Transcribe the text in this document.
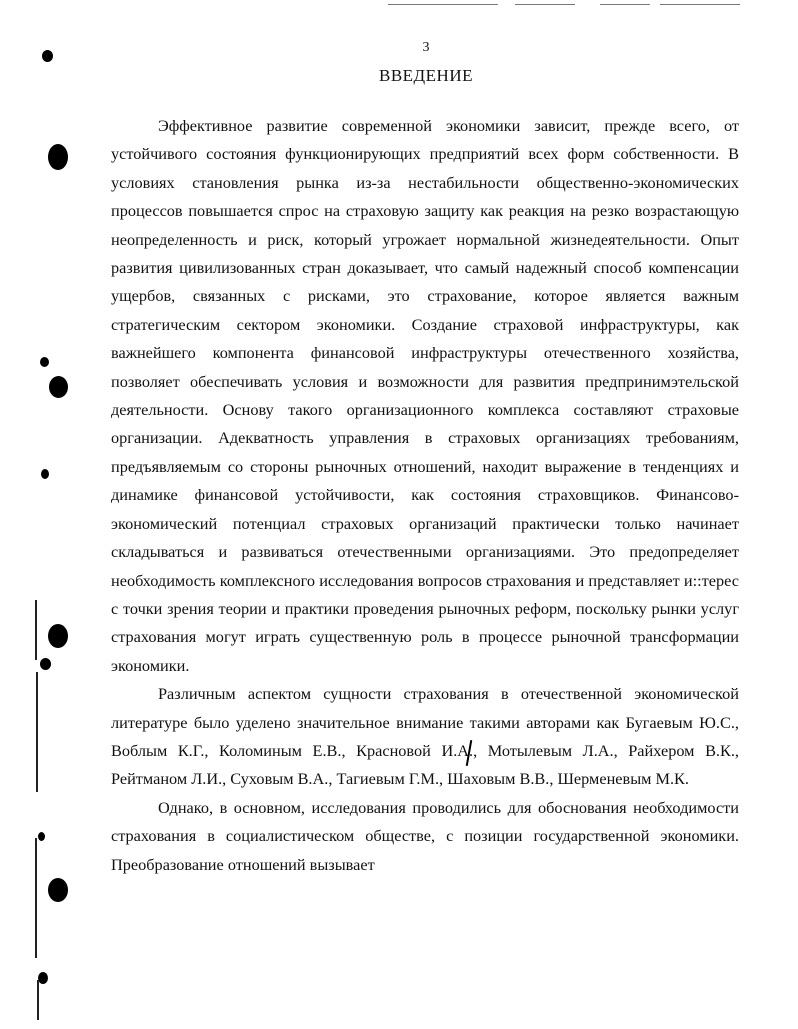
3
ВВЕДЕНИЕ

Эффективное развитие современной экономики зависит, прежде всего, от устойчивого состояния функционирующих предприятий всех форм собственности. В условиях становления рынка из-за нестабильности общественно-экономических процессов повышается спрос на страховую защиту как реакция на резко возрастающую неопределенность и риск, который угрожает нормальной жизнедеятельности. Опыт развития цивилизованных стран доказывает, что самый надежный способ компенсации ущербов, связанных с рисками, это страхование, которое является важным стратегическим сектором экономики. Создание страховой инфраструктуры, как важнейшего компонента финансовой инфраструктуры отечественного хозяйства, позволяет обеспечивать условия и возможности для развития предпринимэтельской деятельности. Основу такого организационного комплекса составляют страховые организации. Адекватность управления в страховых организациях требованиям, предъявляемым со стороны рыночных отношений, находит выражение в тенденциях и динамике финансовой устойчивости, как состояния страховщиков. Финансово-экономический потенциал страховых организаций практически только начинает складываться и развиваться отечественными организациями. Это предопределяет необходимость комплексного исследования вопросов страхования и представляет и::терес с точки зрения теории и практики проведения рыночных реформ, поскольку рынки услуг страхования могут играть существенную роль в процессе рыночной трансформации экономики.

Различным аспектом сущности страхования в отечественной экономической литературе было уделено значительное внимание такими авторами как Бугаевым Ю.С., Воблым К.Г., Коломиным Е.В., Красновой И.А., Мотылевым Л.А., Райхером В.К., Рейтманом Л.И., Суховым В.А., Тагиевым Г.М., Шаховым В.В., Шерменевым М.К.

Однако, в основном, исследования проводились для обоснования необходимости страхования в социалистическом обществе, с позиции государственной экономики. Преобразование отношений вызывает
